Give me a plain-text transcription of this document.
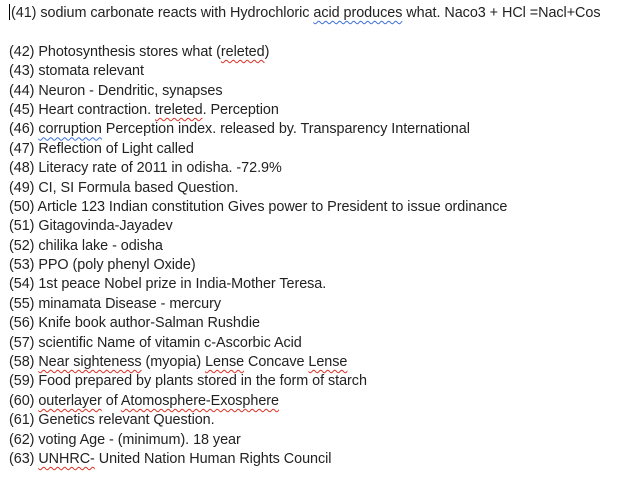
(41) sodium carbonate reacts with Hydrochloric acid produces what. Naco3 + HCl =Nacl+Cos
(42) Photosynthesis stores what (releted)
(43) stomata relevant
(44) Neuron - Dendritic, synapses
(45) Heart contraction. treleted. Perception
(46) corruption Perception index. released by. Transparency International
(47) Reflection of Light called
(48) Literacy rate of 2011 in odisha. -72.9%
(49) CI, SI Formula based Question.
(50) Article 123 Indian constitution Gives power to President to issue ordinance
(51) Gitagovinda-Jayadev
(52) chilika lake - odisha
(53) PPO (poly phenyl Oxide)
(54) 1st peace Nobel prize in India-Mother Teresa.
(55) minamata Disease - mercury
(56) Knife book author-Salman Rushdie
(57) scientific Name of vitamin c-Ascorbic Acid
(58) Near sighteness (myopia) Lense Concave Lense
(59) Food prepared by plants stored in the form of starch
(60) outerlayer of Atomosphere-Exosphere
(61) Genetics relevant Question.
(62) voting Age - (minimum). 18 year
(63) UNHRC- United Nation Human Rights Council
